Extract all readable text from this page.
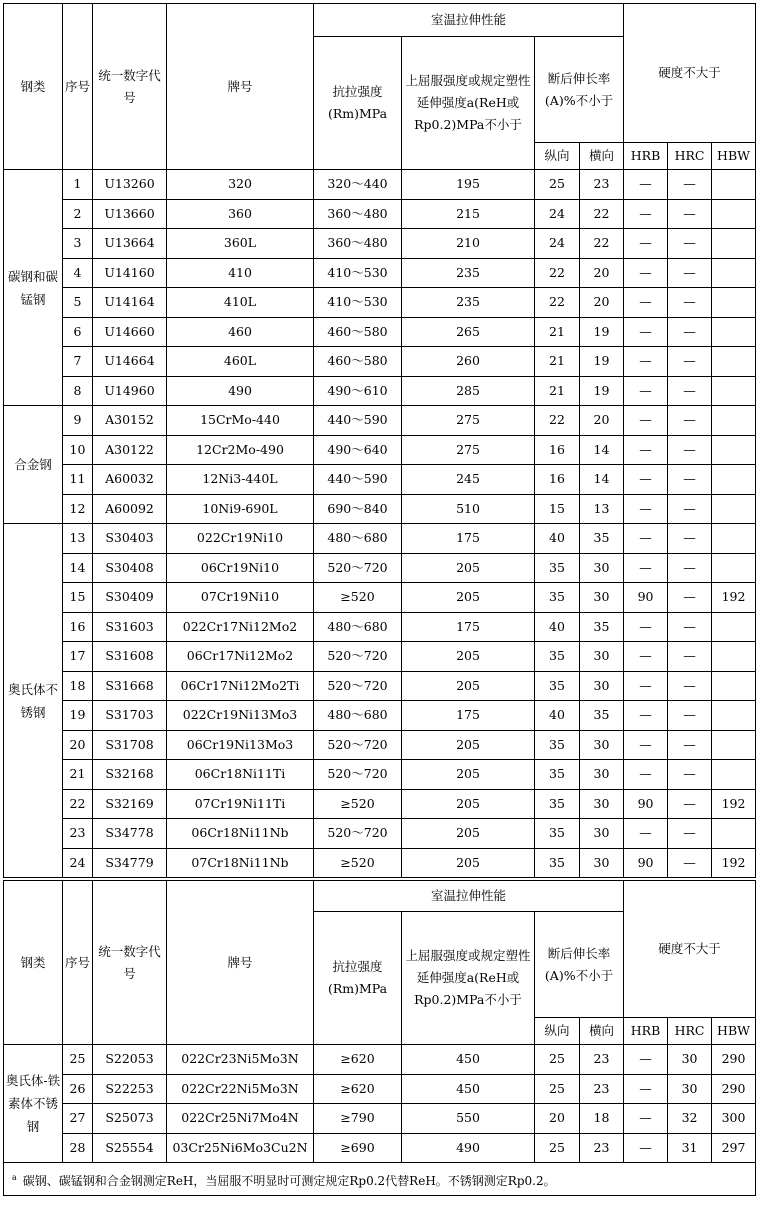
钢类	序号	统一数字代号	牌号	室温拉伸性能				硬度不大于		
				抗拉强度(Rm)MPa	上屈服强度或规定塑性延伸强度a(ReH或Rp0.2)MPa不小于	断后伸长率(A)%不小于				
						纵向	横向	HRB	HRC	HBW
碳钢和碳锰钢	1	U13260	320	320～440	195	25	23	—	—	
	2	U13660	360	360～480	215	24	22	—	—	
	3	U13664	360L	360～480	210	24	22	—	—	
	4	U14160	410	410～530	235	22	20	—	—	
	5	U14164	410L	410～530	235	22	20	—	—	
	6	U14660	460	460～580	265	21	19	—	—	
	7	U14664	460L	460～580	260	21	19	—	—	
	8	U14960	490	490～610	285	21	19	—	—	
合金钢	9	A30152	15CrMo-440	440～590	275	22	20	—	—	
	10	A30122	12Cr2Mo-490	490～640	275	16	14	—	—	
	11	A60032	12Ni3-440L	440～590	245	16	14	—	—	
	12	A60092	10Ni9-690L	690～840	510	15	13	—	—	
奥氏体不锈钢	13	S30403	022Cr19Ni10	480～680	175	40	35	—	—	
	14	S30408	06Cr19Ni10	520～720	205	35	30	—	—	
	15	S30409	07Cr19Ni10	≥520	205	35	30	90	—	192
	16	S31603	022Cr17Ni12Mo2	480～680	175	40	35	—	—	
	17	S31608	06Cr17Ni12Mo2	520～720	205	35	30	—	—	
	18	S31668	06Cr17Ni12Mo2Ti	520～720	205	35	30	—	—	
	19	S31703	022Cr19Ni13Mo3	480～680	175	40	35	—	—	
	20	S31708	06Cr19Ni13Mo3	520～720	205	35	30	—	—	
	21	S32168	06Cr18Ni11Ti	520～720	205	35	30	—	—	
	22	S32169	07Cr19Ni11Ti	≥520	205	35	30	90	—	192
	23	S34778	06Cr18Ni11Nb	520～720	205	35	30	—	—	
	24	S34779	07Cr18Ni11Nb	≥520	205	35	30	90	—	192
钢类	序号	统一数字代号	牌号	室温拉伸性能				硬度不大于		
				抗拉强度(Rm)MPa	上屈服强度或规定塑性延伸强度a(ReH或Rp0.2)MPa不小于	断后伸长率(A)%不小于				
						纵向	横向	HRB	HRC	HBW
奥氏体-铁素体不锈钢	25	S22053	022Cr23Ni5Mo3N	≥620	450	25	23	—	30	290
	26	S22253	022Cr22Ni5Mo3N	≥620	450	25	23	—	30	290
	27	S25073	022Cr25Ni7Mo4N	≥790	550	20	18	—	32	300
	28	S25554	03Cr25Ni6Mo3Cu2N	≥690	490	25	23	—	31	297
$^a$ 碳钢、碳锰钢和合金钢测定ReH，当屈服不明显时可测定规定Rp0.2代替ReH。不锈钢测定Rp0.2。										
